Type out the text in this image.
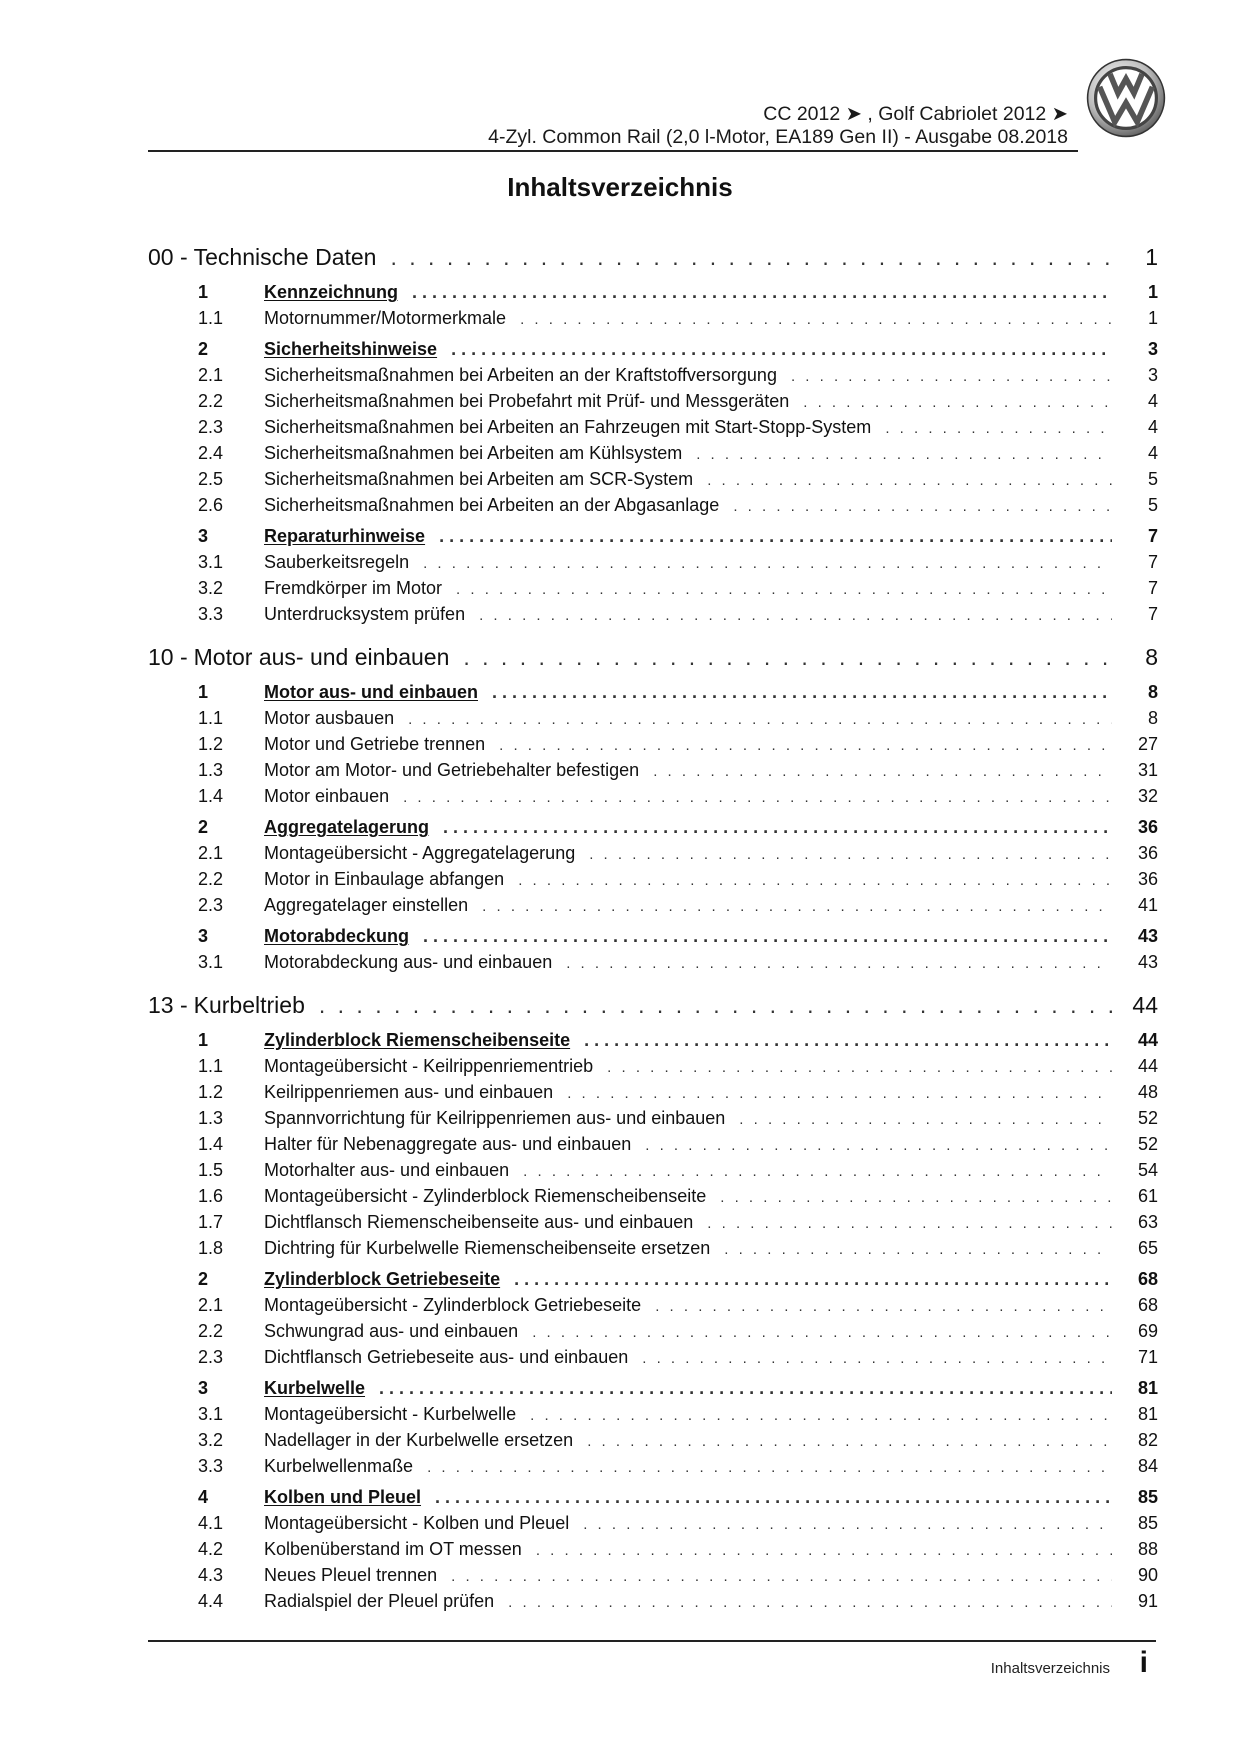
CC 2012 ➤ , Golf Cabriolet 2012 ➤
4-Zyl. Common Rail (2,0 l-Motor, EA189 Gen II) - Ausgabe 08.2018
Inhaltsverzeichnis
00 - Technische Daten . . .	1
1	Kennzeichnung . . .	1
1.1	Motornummer/Motormerkmale . . .	1
2	Sicherheitshinweise . . .	3
2.1	Sicherheitsmaßnahmen bei Arbeiten an der Kraftstoffversorgung . . .	3
2.2	Sicherheitsmaßnahmen bei Probefahrt mit Prüf- und Messgeräten . . .	4
2.3	Sicherheitsmaßnahmen bei Arbeiten an Fahrzeugen mit Start-Stopp-System . . .	4
2.4	Sicherheitsmaßnahmen bei Arbeiten am Kühlsystem . . .	4
2.5	Sicherheitsmaßnahmen bei Arbeiten am SCR-System . . .	5
2.6	Sicherheitsmaßnahmen bei Arbeiten an der Abgasanlage . . .	5
3	Reparaturhinweise . . .	7
3.1	Sauberkeitsregeln . . .	7
3.2	Fremdkörper im Motor . . .	7
3.3	Unterdrucksystem prüfen . . .	7
10 - Motor aus- und einbauen . . .	8
1	Motor aus- und einbauen . . .	8
1.1	Motor ausbauen . . .	8
1.2	Motor und Getriebe trennen . . .	27
1.3	Motor am Motor- und Getriebehalter befestigen . . .	31
1.4	Motor einbauen . . .	32
2	Aggregatelagerung . . .	36
2.1	Montageübersicht - Aggregatelagerung . . .	36
2.2	Motor in Einbaulage abfangen . . .	36
2.3	Aggregatelager einstellen . . .	41
3	Motorabdeckung . . .	43
3.1	Motorabdeckung aus- und einbauen . . .	43
13 - Kurbeltrieb . . .	44
1	Zylinderblock Riemenscheibenseite . . .	44
1.1	Montageübersicht - Keilrippenriementrieb . . .	44
1.2	Keilrippenriemen aus- und einbauen . . .	48
1.3	Spannvorrichtung für Keilrippenriemen aus- und einbauen . . .	52
1.4	Halter für Nebenaggregate aus- und einbauen . . .	52
1.5	Motorhalter aus- und einbauen . . .	54
1.6	Montageübersicht - Zylinderblock Riemenscheibenseite . . .	61
1.7	Dichtflansch Riemenscheibenseite aus- und einbauen . . .	63
1.8	Dichtring für Kurbelwelle Riemenscheibenseite ersetzen . . .	65
2	Zylinderblock Getriebeseite . . .	68
2.1	Montageübersicht - Zylinderblock Getriebeseite . . .	68
2.2	Schwungrad aus- und einbauen . . .	69
2.3	Dichtflansch Getriebeseite aus- und einbauen . . .	71
3	Kurbelwelle . . .	81
3.1	Montageübersicht - Kurbelwelle . . .	81
3.2	Nadellager in der Kurbelwelle ersetzen . . .	82
3.3	Kurbelwellenmaße . . .	84
4	Kolben und Pleuel . . .	85
4.1	Montageübersicht - Kolben und Pleuel . . .	85
4.2	Kolbenüberstand im OT messen . . .	88
4.3	Neues Pleuel trennen . . .	90
4.4	Radialspiel der Pleuel prüfen . . .	91
Inhaltsverzeichnis i
